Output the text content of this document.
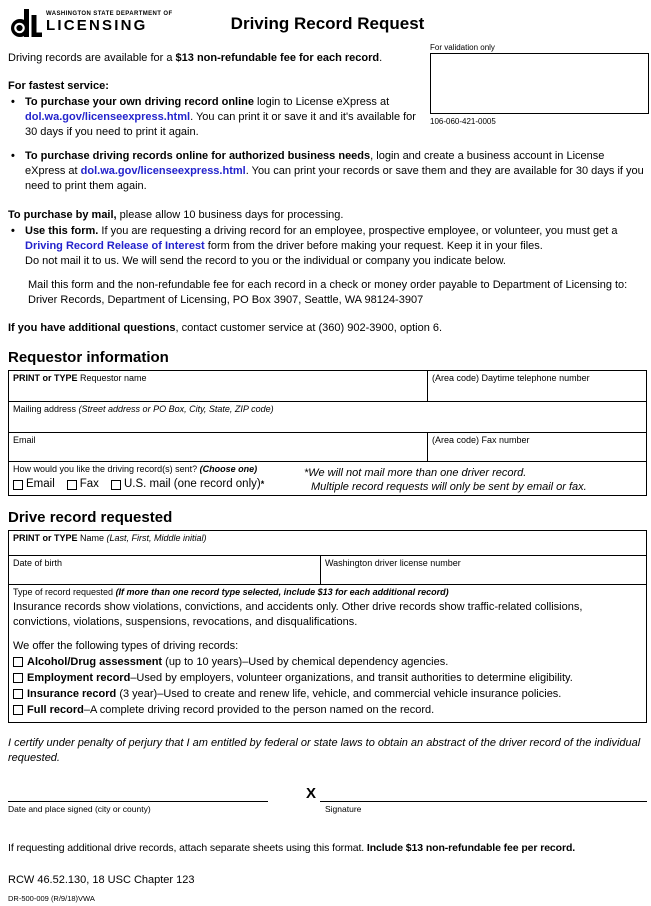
WASHINGTON STATE DEPARTMENT OF
LICENSING	Driving Record Request
For validation only
106-060-421-0005
Driving records are available for a $13 non-refundable fee for each record.
For fastest service:
• To purchase your own driving record online login to License eXpress at dol.wa.gov/licenseexpress.html. You can print it or save it and it's available for 30 days if you need to print it again.
• To purchase driving records online for authorized business needs, login and create a business account in License eXpress at dol.wa.gov/licenseexpress.html. You can print your records or save them and they are available for 30 days if you need to print them again.
To purchase by mail, please allow 10 business days for processing.
• Use this form. If you are requesting a driving record for an employee, prospective employee, or volunteer, you must get a Driving Record Release of Interest form from the driver before making your request. Keep it in your files.
Do not mail it to us. We will send the record to you or the individual or company you indicate below.
Mail this form and the non-refundable fee for each record in a check or money order payable to Department of Licensing to:
Driver Records, Department of Licensing, PO Box 3907, Seattle, WA 98124-3907
If you have additional questions, contact customer service at (360) 902-3900, option 6.
Requestor information
PRINT or TYPE Requestor name	(Area code) Daytime telephone number
Mailing address (Street address or PO Box, City, State, ZIP code)
Email	(Area code) Fax number
How would you like the driving record(s) sent? (Choose one)
Email Fax U.S. mail (one record only) *
*We will not mail more than one driver record.
Multiple record requests will only be sent by email or fax.
Drive record requested
PRINT or TYPE Name (Last, First, Middle initial)
Date of birth	Washington driver license number
Type of record requested (If more than one record type selected, include $13 for each additional record)
Insurance records show violations, convictions, and accidents only. Other drive records show traffic-related collisions, convictions, violations, suspensions, revocations, and disqualifications.
We offer the following types of driving records:
Alcohol/Drug assessment (up to 10 years)–Used by chemical dependency agencies.
Employment record–Used by employers, volunteer organizations, and transit authorities to determine eligibility.
Insurance record (3 year)–Used to create and renew life, vehicle, and commercial vehicle insurance policies.
Full record–A complete driving record provided to the person named on the record.
I certify under penalty of perjury that I am entitled by federal or state laws to obtain an abstract of the driver record of the individual requested.
Date and place signed (city or county)
X
Signature
If requesting additional drive records, attach separate sheets using this format. Include $13 non-refundable fee per record.
RCW 46.52.130, 18 USC Chapter 123
DR-500-009 (R/9/18)VWA
